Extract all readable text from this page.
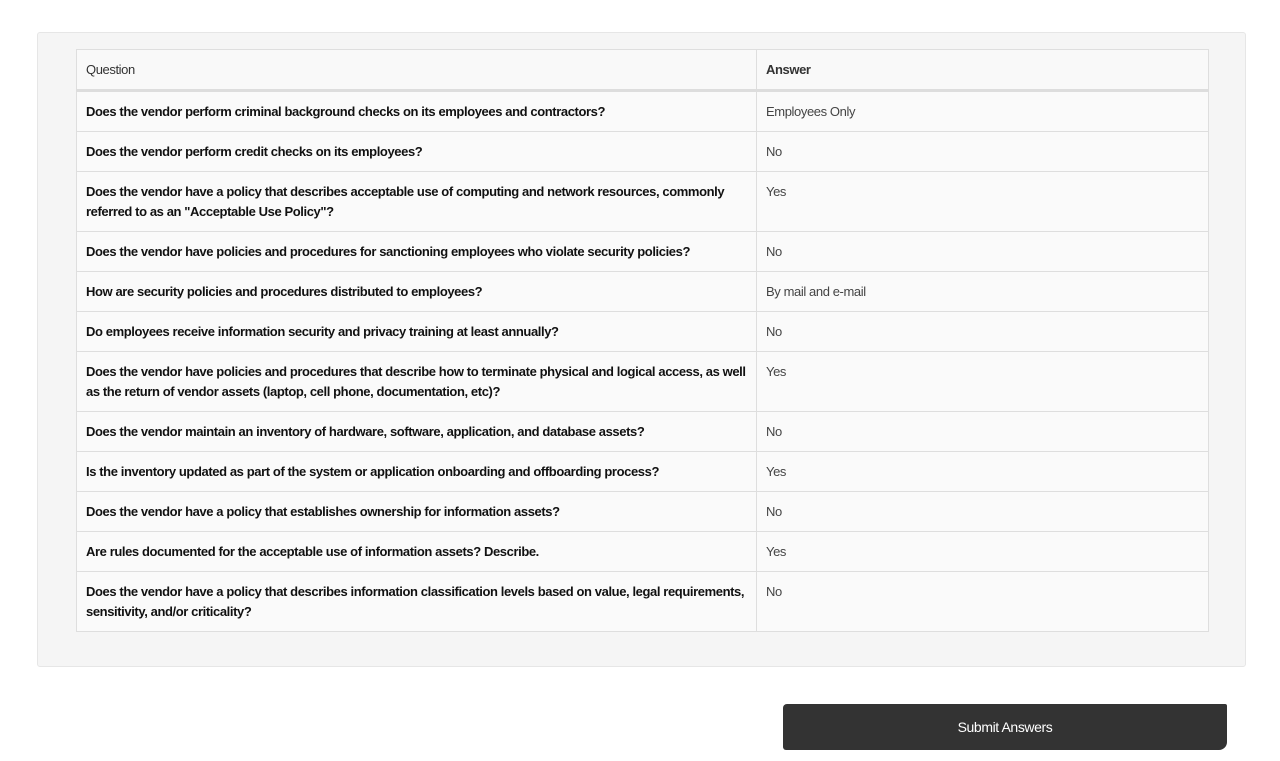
Question	Answer
Does the vendor perform criminal background checks on its employees and contractors?	Employees Only
Does the vendor perform credit checks on its employees?	No
Does the vendor have a policy that describes acceptable use of computing and network resources, commonly referred to as an "Acceptable Use Policy"?	Yes
Does the vendor have policies and procedures for sanctioning employees who violate security policies?	No
How are security policies and procedures distributed to employees?	By mail and e-mail
Do employees receive information security and privacy training at least annually?	No
Does the vendor have policies and procedures that describe how to terminate physical and logical access, as well as the return of vendor assets (laptop, cell phone, documentation, etc)?	Yes
Does the vendor maintain an inventory of hardware, software, application, and database assets?	No
Is the inventory updated as part of the system or application onboarding and offboarding process?	Yes
Does the vendor have a policy that establishes ownership for information assets?	No
Are rules documented for the acceptable use of information assets? Describe.	Yes
Does the vendor have a policy that describes information classification levels based on value, legal requirements, sensitivity, and/or criticality?	No
Submit Answers
